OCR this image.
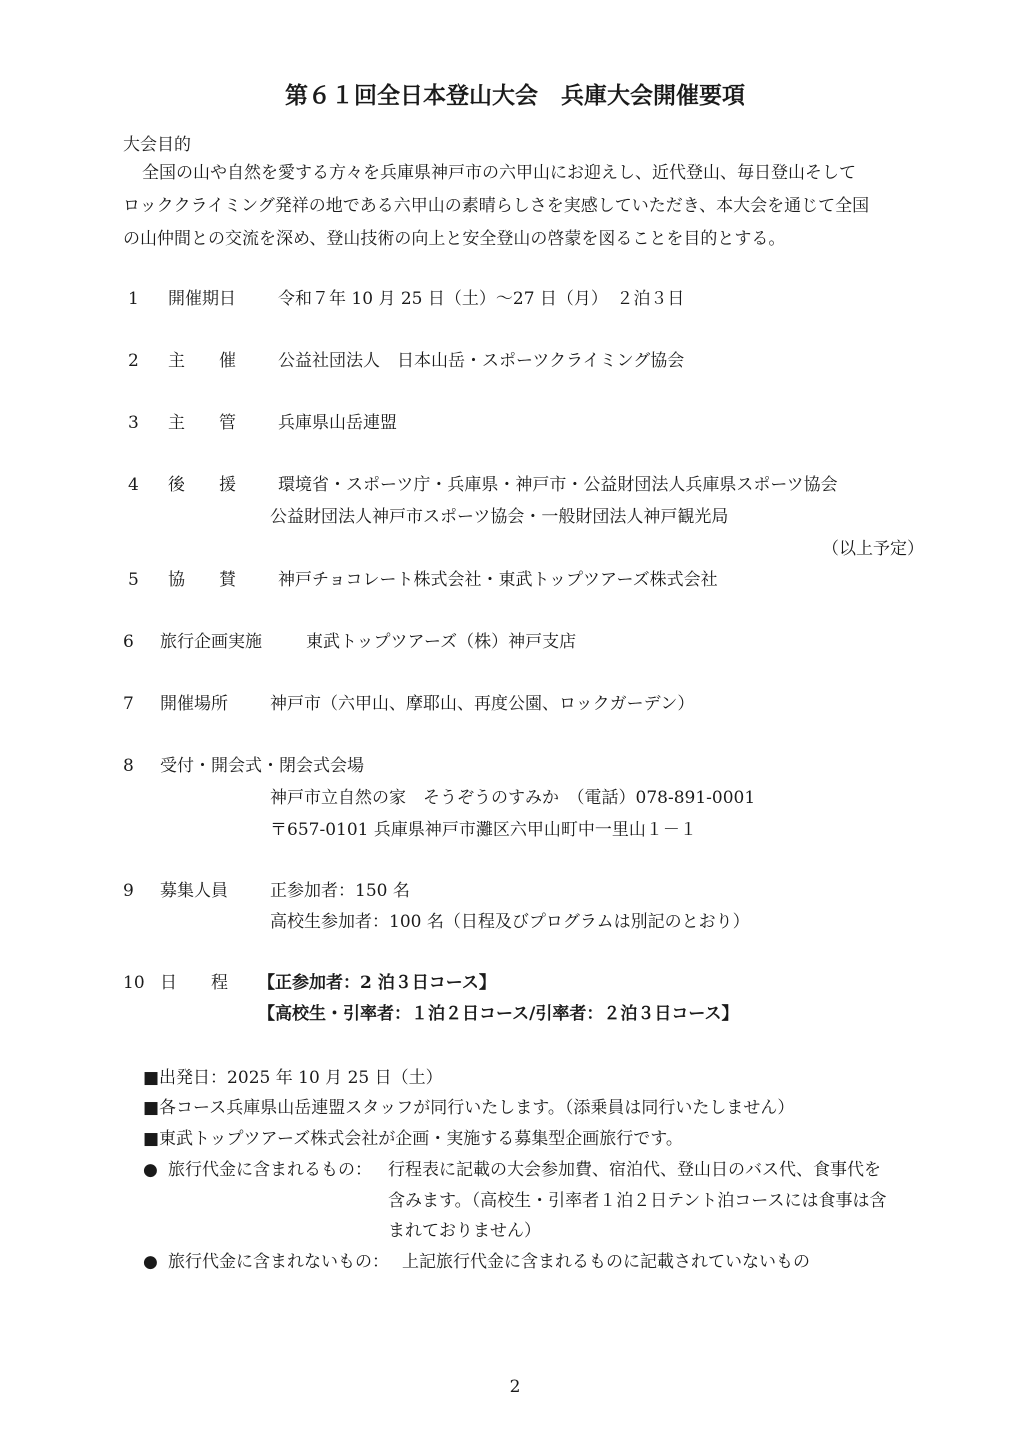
第６１回全日本登山大会　兵庫大会開催要項
大会目的
全国の山や自然を愛する方々を兵庫県神戸市の六甲山にお迎えし、近代登山、毎日登山そして
ロッククライミング発祥の地である六甲山の素晴らしさを実感していただき、本大会を通じて全国
の山仲間との交流を深め、登山技術の向上と安全登山の啓蒙を図ることを目的とする。
1 開催期日 令和７年 10 月 25 日（土）〜27 日（月）　２泊３日
2 主　　催 公益社団法人　日本山岳・スポーツクライミング協会
3 主　　管 兵庫県山岳連盟
4 後　　援 環境省・スポーツ庁・兵庫県・神戸市・公益財団法人兵庫県スポーツ協会
公益財団法人神戸市スポーツ協会・一般財団法人神戸観光局
（以上予定）
5 協　　賛 神戸チョコレート株式会社・東武トップツアーズ株式会社
6 旅行企画実施	東武トップツアーズ（株）神戸支店
7 開催場所 神戸市（六甲山、摩耶山、再度公園、ロックガーデン）
8 受付・開会式・閉会式会場
神戸市立自然の家　そうぞうのすみか　（電話）078-891-0001
〒657-0101 兵庫県神戸市灘区六甲山町中一里山１－１
9 募集人員 正参加者：150 名
高校生参加者：100 名（日程及びプログラムは別記のとおり）
10 日　　程 【正参加者：2 泊３日コース】
【高校生・引率者：１泊２日コース/引率者：２泊３日コース】
■出発日：2025 年 10 月 25 日（土）
■各コース兵庫県山岳連盟スタッフが同行いたします。（添乗員は同行いたしません）
■東武トップツアーズ株式会社が企画・実施する募集型企画旅行です。
● 旅行代金に含まれるもの： 行程表に記載の大会参加費、宿泊代、登山日のバス代、食事代を
含みます。（高校生・引率者１泊２日テント泊コースには食事は含
まれておりません）
● 旅行代金に含まれないもの： 上記旅行代金に含まれるものに記載されていないもの
2
